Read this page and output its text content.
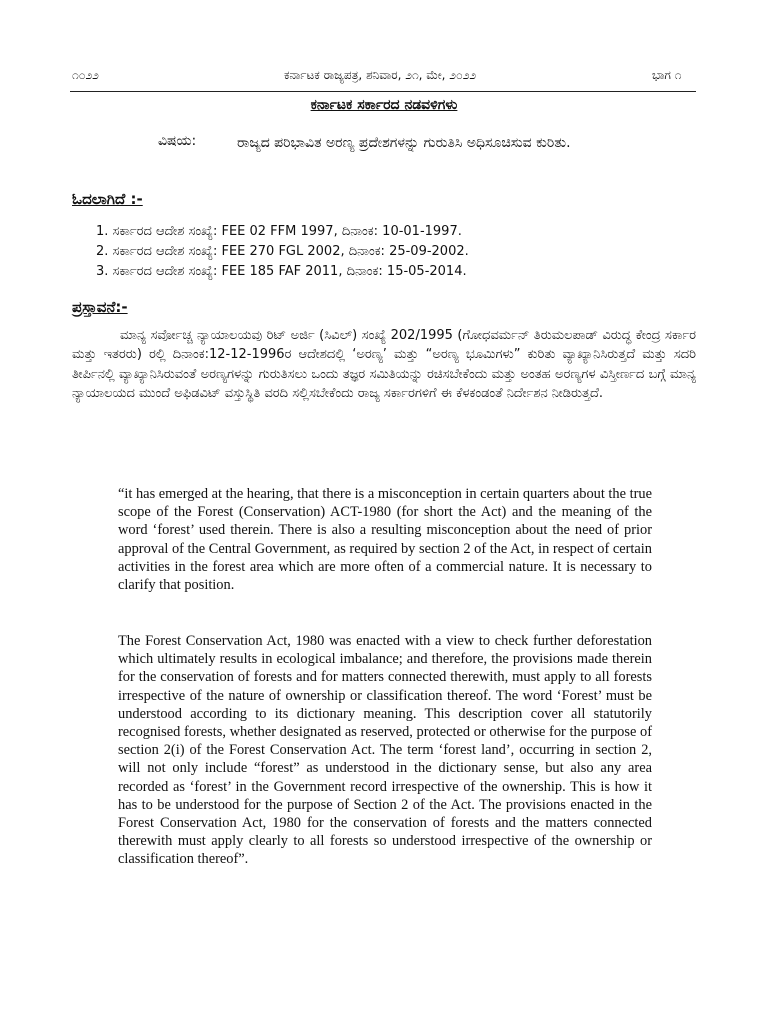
೧೦೨೨	ಕರ್ನಾಟಕ ರಾಜ್ಯಪತ್ರ, ಶನಿವಾರ, ೨೧, ಮೇ, ೨೦೨೨	ಭಾಗ ೧
ಕರ್ನಾಟಕ ಸರ್ಕಾರದ ನಡವಳಿಗಳು
ವಿಷಯ:	ರಾಜ್ಯದ ಪರಿಭಾವಿತ ಅರಣ್ಯ ಪ್ರದೇಶಗಳನ್ನು ಗುರುತಿಸಿ ಅಧಿಸೂಚಿಸುವ ಕುರಿತು.
ಓದಲಾಗಿದೆ :-
1. ಸರ್ಕಾರದ ಆದೇಶ ಸಂಖ್ಯೆ: FEE 02 FFM 1997, ದಿನಾಂಕ: 10-01-1997.
2. ಸರ್ಕಾರದ ಆದೇಶ ಸಂಖ್ಯೆ: FEE 270 FGL 2002, ದಿನಾಂಕ: 25-09-2002.
3. ಸರ್ಕಾರದ ಆದೇಶ ಸಂಖ್ಯೆ: FEE 185 FAF 2011, ದಿನಾಂಕ: 15-05-2014.
ಪ್ರಸ್ತಾವನೆ:-

ಮಾನ್ಯ ಸರ್ವೋಚ್ಚ ನ್ಯಾಯಾಲಯವು ರಿಟ್ ಅರ್ಜಿ (ಸಿವಿಲ್) ಸಂಖ್ಯೆ 202/1995 (ಗೋಧವರ್ಮನ್ ತಿರುಮಲಪಾಡ್ ವಿರುದ್ಧ ಕೇಂದ್ರ ಸರ್ಕಾರ ಮತ್ತು ಇತರರು) ರಲ್ಲಿ ದಿನಾಂಕ:12-12-1996ರ ಆದೇಶದಲ್ಲಿ ‘ಅರಣ್ಯ’ ಮತ್ತು “ಅರಣ್ಯ ಭೂಮಿಗಳು” ಕುರಿತು ವ್ಯಾಖ್ಯಾನಿಸಿರುತ್ತದೆ ಮತ್ತು ಸದರಿ ತೀರ್ಪಿನಲ್ಲಿ ವ್ಯಾಖ್ಯಾನಿಸಿರುವಂತೆ ಅರಣ್ಯಗಳನ್ನು ಗುರುತಿಸಲು ಒಂದು ತಜ್ಞರ ಸಮಿತಿಯನ್ನು ರಚಿಸಬೇಕೆಂದು ಮತ್ತು ಅಂತಹ ಅರಣ್ಯಗಳ ವಿಸ್ತೀರ್ಣದ ಬಗ್ಗೆ ಮಾನ್ಯ ನ್ಯಾಯಾಲಯದ ಮುಂದೆ ಅಫಿಡವಿಟ್ ವಸ್ತುಸ್ಥಿತಿ ವರದಿ ಸಲ್ಲಿಸಬೇಕೆಂದು ರಾಜ್ಯ ಸರ್ಕಾರಗಳಿಗೆ ಈ ಕೆಳಕಂಡಂತೆ ನಿರ್ದೇಶನ ನೀಡಿರುತ್ತದೆ.

“it has emerged at the hearing, that there is a misconception in certain quarters about the true scope of the Forest (Conservation) ACT-1980 (for short the Act) and the meaning of the word ‘forest’ used therein. There is also a resulting misconception about the need of prior approval of the Central Government, as required by section 2 of the Act, in respect of certain activities in the forest area which are more often of a commercial nature. It is necessary to clarify that position.

The Forest Conservation Act, 1980 was enacted with a view to check further deforestation which ultimately results in ecological imbalance; and therefore, the provisions made therein for the conservation of forests and for matters connected therewith, must apply to all forests irrespective of the nature of ownership or classification thereof. The word ‘Forest’ must be understood according to its dictionary meaning. This description cover all statutorily recognised forests, whether designated as reserved, protected or otherwise for the purpose of section 2(i) of the Forest Conservation Act. The term ‘forest land’, occurring in section 2, will not only include “forest” as understood in the dictionary sense, but also any area recorded as ‘forest’ in the Government record irrespective of the ownership. This is how it has to be understood for the purpose of Section 2 of the Act. The provisions enacted in the Forest Conservation Act, 1980 for the conservation of forests and the matters connected therewith must apply clearly to all forests so understood irrespective of the ownership or classification thereof”.
